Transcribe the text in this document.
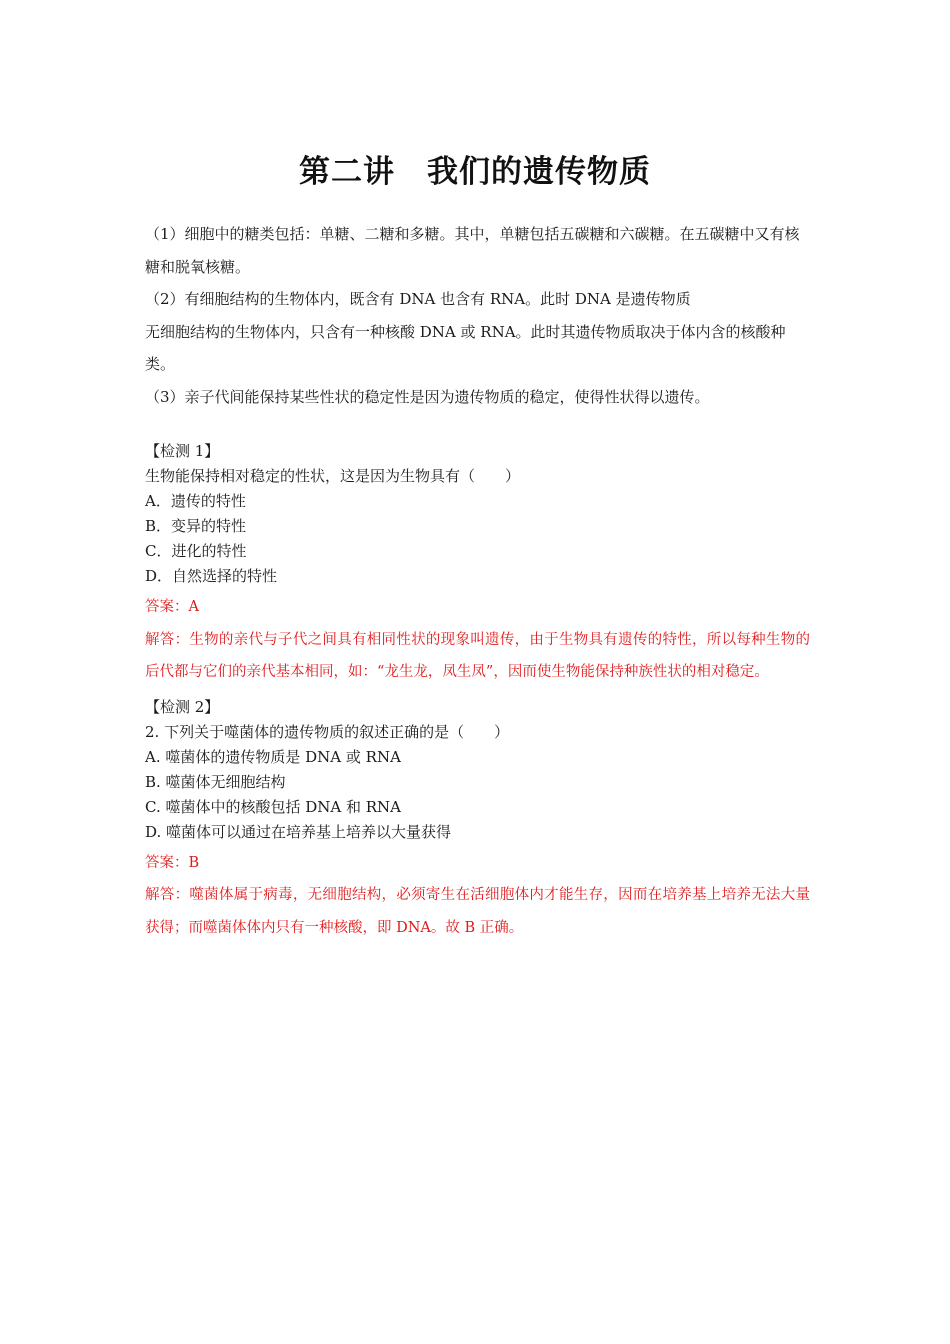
第二讲　我们的遗传物质

（1）细胞中的糖类包括：单糖、二糖和多糖。其中，单糖包括五碳糖和六碳糖。在五碳糖中又有核糖和脱氧核糖。

（2）有细胞结构的生物体内，既含有 DNA 也含有 RNA。此时 DNA 是遗传物质

无细胞结构的生物体内，只含有一种核酸 DNA 或 RNA。此时其遗传物质取决于体内含的核酸种类。

（3）亲子代间能保持某些性状的稳定性是因为遗传物质的稳定，使得性状得以遗传。

【检测 1】
生物能保持相对稳定的性状，这是因为生物具有（　　）
A．遗传的特性
B．变异的特性
C．进化的特性
D．自然选择的特性
答案：A
解答：生物的亲代与子代之间具有相同性状的现象叫遗传，由于生物具有遗传的特性，所以每种生物的后代都与它们的亲代基本相同，如：“龙生龙，凤生凤”，因而使生物能保持种族性状的相对稳定。
【检测 2】
2. 下列关于噬菌体的遗传物质的叙述正确的是（　　）
A. 噬菌体的遗传物质是 DNA 或 RNA
B. 噬菌体无细胞结构
C. 噬菌体中的核酸包括 DNA 和 RNA
D. 噬菌体可以通过在培养基上培养以大量获得
答案：B
解答：噬菌体属于病毒，无细胞结构，必须寄生在活细胞体内才能生存，因而在培养基上培养无法大量获得；而噬菌体体内只有一种核酸，即 DNA。故 B 正确。
